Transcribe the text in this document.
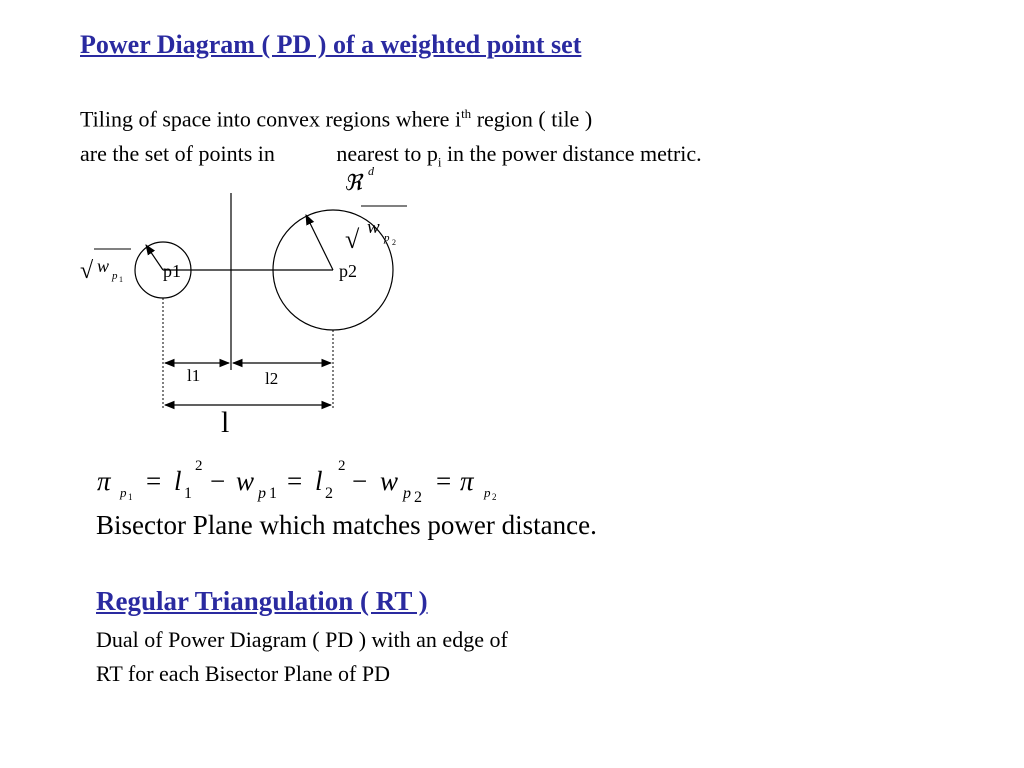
Power Diagram ( PD ) of a weighted point set
Tiling of space into convex regions where $i^{th}$ region ( tile )
are the set of points in	nearest to $p_i$ in the power distance metric.
ℜ d
√ w p 1
√ w p 2
p1	p2
l1	l2
l
π p 1
= l 1
2 − w p 1 = l 2
2 − w p 2
= π p 2
Bisector Plane which matches power distance.
Regular Triangulation ( RT )
Dual of Power Diagram ( PD ) with an edge of
RT for each Bisector Plane of PD
